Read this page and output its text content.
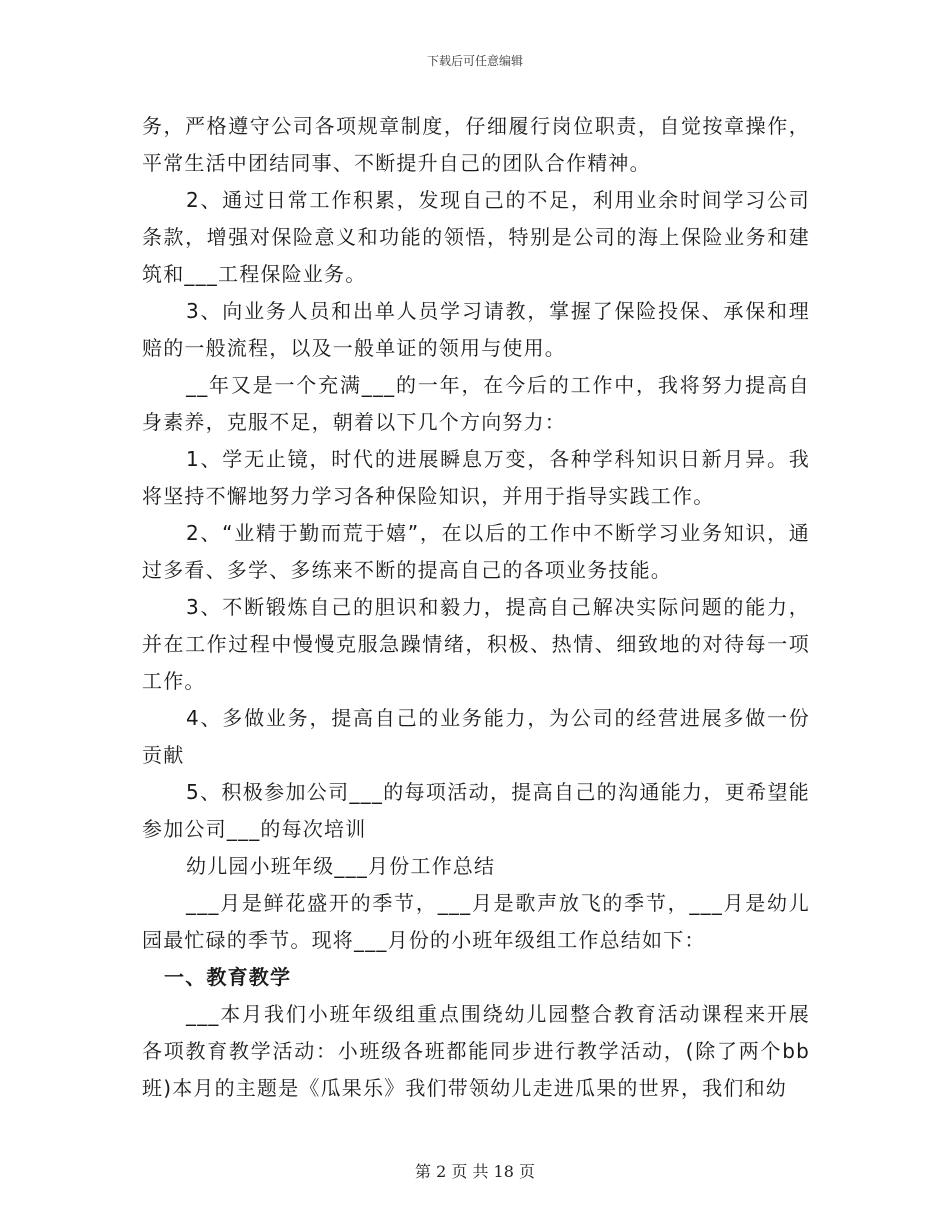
下载后可任意编辑

务，严格遵守公司各项规章制度，仔细履行岗位职责，自觉按章操作，平常生活中团结同事、不断提升自己的团队合作精神。

2、通过日常工作积累，发现自己的不足，利用业余时间学习公司条款，增强对保险意义和功能的领悟，特别是公司的海上保险业务和建筑和___工程保险业务。

3、向业务人员和出单人员学习请教，掌握了保险投保、承保和理赔的一般流程，以及一般单证的领用与使用。

__年又是一个充满___的一年，在今后的工作中，我将努力提高自身素养，克服不足，朝着以下几个方向努力：

1、学无止镜，时代的进展瞬息万变，各种学科知识日新月异。我将坚持不懈地努力学习各种保险知识，并用于指导实践工作。

2、“业精于勤而荒于嬉”，在以后的工作中不断学习业务知识，通过多看、多学、多练来不断的提高自己的各项业务技能。

3、不断锻炼自己的胆识和毅力，提高自己解决实际问题的能力，并在工作过程中慢慢克服急躁情绪，积极、热情、细致地的对待每一项工作。

4、多做业务，提高自己的业务能力，为公司的经营进展多做一份贡献

5、积极参加公司___的每项活动，提高自己的沟通能力，更希望能参加公司___的每次培训

幼儿园小班年级___月份工作总结

___月是鲜花盛开的季节，___月是歌声放飞的季节，___月是幼儿园最忙碌的季节。现将___月份的小班年级组工作总结如下：

一、教育教学

___本月我们小班年级组重点围绕幼儿园整合教育活动课程来开展各项教育教学活动：小班级各班都能同步进行教学活动，(除了两个bb班)本月的主题是《瓜果乐》我们带领幼儿走进瓜果的世界，我们和幼

第 2 页 共 18 页
